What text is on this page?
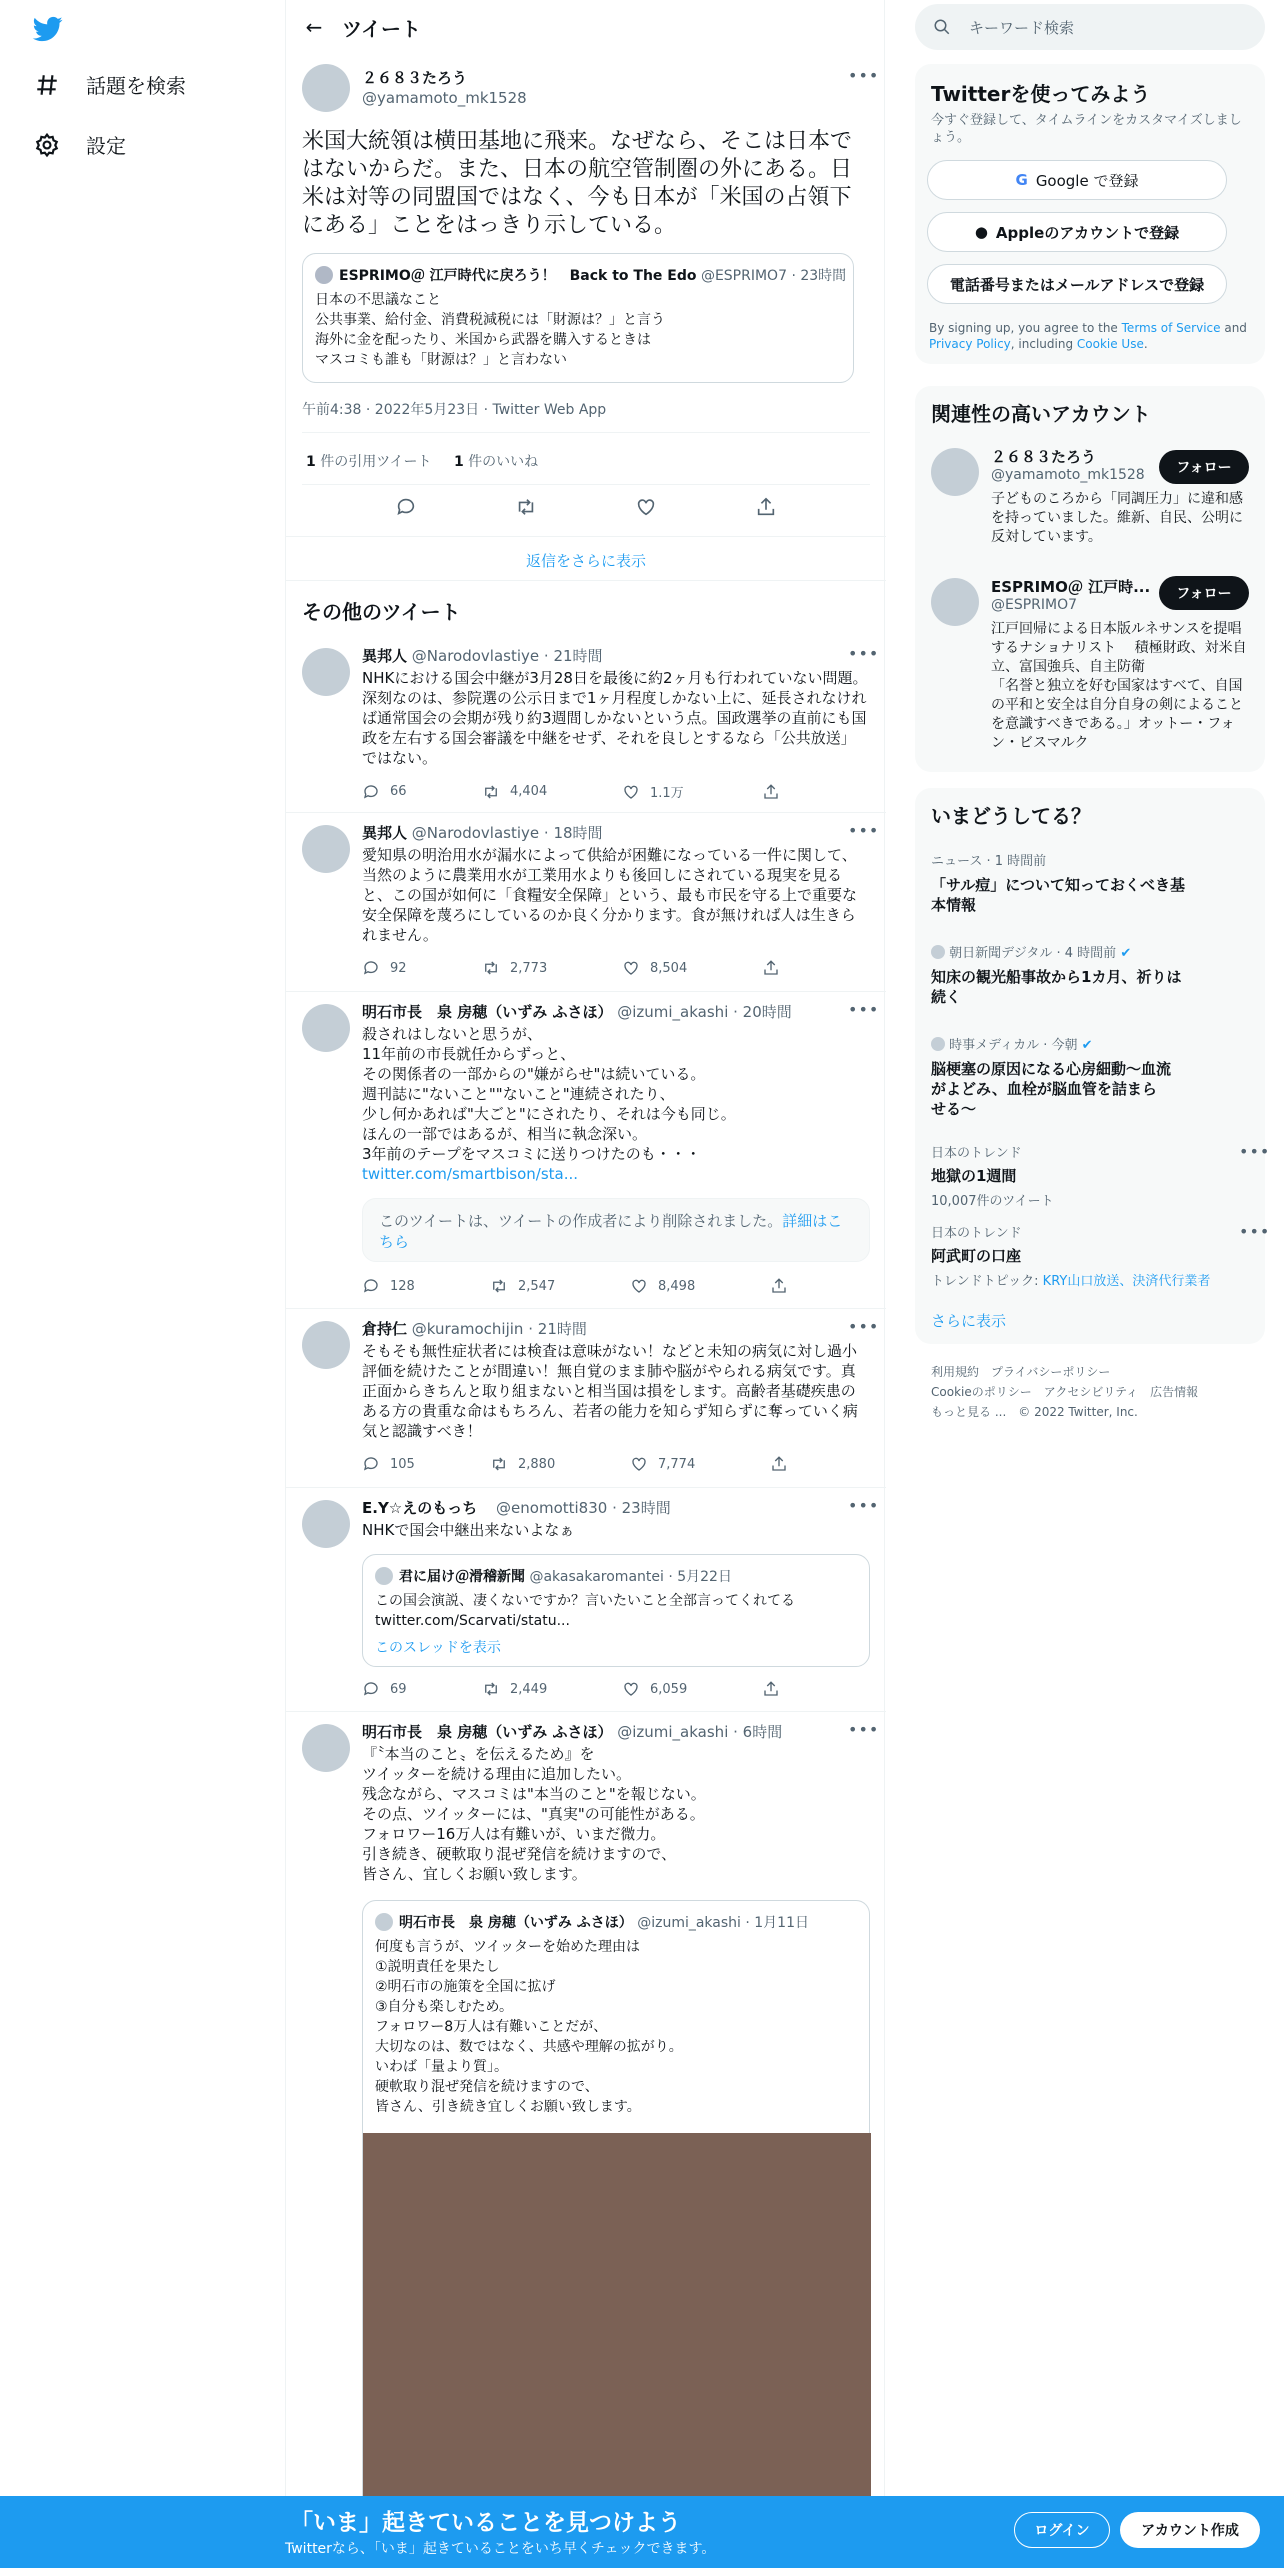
話題を検索
設定
← ツイート
２６８３たろう
@yamamoto_mk1528
•••
米国大統領は横田基地に飛来。なぜなら、そこは日本ではないからだ。また、日本の航空管制圏の外にある。日米は対等の同盟国ではなく、今も日本が「米国の占領下にある」ことをはっきり示している。
ESPRIMO＠ 江戸時代に戻ろう！　Back to The Edo @ESPRIMO7 · 23時間
日本の不思議なこと
公共事業、給付金、消費税減税には「財源は？」と言う
海外に金を配ったり、米国から武器を購入するときは
マスコミも誰も「財源は？」と言わない
午前4:38 · 2022年5月23日 · Twitter Web App
1 件の引用ツイート 1 件のいいね
返信をさらに表示
その他のツイート
異邦人 @Narodovlastiye · 21時間	•••
NHKにおける国会中継が3月28日を最後に約2ヶ月も行われていない問題。深刻なのは、参院選の公示日まで1ヶ月程度しかない上に、延長されなければ通常国会の会期が残り約3週間しかないという点。国政選挙の直前にも国政を左右する国会審議を中継をせず、それを良しとするなら「公共放送」ではない。
66	4,404	1.1万
異邦人 @Narodovlastiye · 18時間	•••
愛知県の明治用水が漏水によって供給が困難になっている一件に関して、当然のように農業用水が工業用水よりも後回しにされている現実を見ると、この国が如何に「食糧安全保障」という、最も市民を守る上で重要な安全保障を蔑ろにしているのか良く分かります。食が無ければ人は生きられません。
92	2,773	8,504
明石市長　泉 房穂（いずみ ふさほ） @izumi_akashi · 20時間	•••
殺されはしないと思うが、
11年前の市長就任からずっと、
その関係者の一部からの"嫌がらせ"は続いている。
週刊誌に"ないこと""ないこと"連続されたり、
少し何かあれば"大ごと"にされたり、それは今も同じ。
ほんの一部ではあるが、相当に執念深い。
3年前のテープをマスコミに送りつけたのも・・・
twitter.com/smartbison/sta...
このツイートは、ツイートの作成者により削除されました。詳細はこちら
128	2,547	8,498
倉持仁 @kuramochijin · 21時間	•••
そもそも無性症状者には検査は意味がない！などと未知の病気に対し過小評価を続けたことが間違い！無自覚のまま肺や脳がやられる病気です。真正面からきちんと取り組まないと相当国は損をします。高齢者基礎疾患のある方の貴重な命はもちろん、若者の能力を知らず知らずに奪っていく病気と認識すべき！
105	2,880	7,774
E.Y☆えのもっち @enomotti830 · 23時間	•••
NHKで国会中継出来ないよなぁ
君に届け＠滑稽新聞 @akasakaromantei · 5月22日
この国会演説、凄くないですか？言いたいこと全部言ってくれてる
twitter.com/Scarvati/statu...
このスレッドを表示
69	2,449	6,059
明石市長　泉 房穂（いずみ ふさほ） @izumi_akashi · 6時間	•••
『〝本当のこと〟を伝えるため』を
ツイッターを続ける理由に追加したい。
残念ながら、マスコミは"本当のこと"を報じない。
その点、ツイッターには、"真実"の可能性がある。
フォロワー16万人は有難いが、いまだ微力。
引き続き、硬軟取り混ぜ発信を続けますので、
皆さん、宜しくお願い致します。
明石市長　泉 房穂（いずみ ふさほ） @izumi_akashi · 1月11日
何度も言うが、ツイッターを始めた理由は
①説明責任を果たし
②明石市の施策を全国に拡げ
③自分も楽しむため。
フォロワー8万人は有難いことだが、
大切なのは、数ではなく、共感や理解の拡がり。
いわば「量より質」。
硬軟取り混ぜ発信を続けますので、
皆さん、引き続き宜しくお願い致します。
キーワード検索
Twitterを使ってみよう
今すぐ登録して、タイムラインをカスタマイズしましょう。
G Google で登録
● Appleのアカウントで登録
電話番号またはメールアドレスで登録
By signing up, you agree to the Terms of Service and Privacy Policy, including Cookie Use.
関連性の高いアカウント
２６８３たろう
@yamamoto_mk1528	フォロー
子どものころから「同調圧力」に違和感を持っていました。維新、自民、公明に反対しています。
ESPRIMO＠ 江戸時...
@ESPRIMO7
フォロー
江戸回帰による日本版ルネサンスを提唱するナショナリスト　 積極財政、対米自立、富国強兵、自主防衛
「名誉と独立を好む国家はすべて、自国の平和と安全は自分自身の剣によることを意識すべきである。」オットー・フォン・ビスマルク
いまどうしてる？
ニュース · 1 時間前
「サル痘」について知っておくべき基本情報
朝日新聞デジタル · 4 時間前 ✔
知床の観光船事故から1カ月、祈りは続く
時事メディカル · 今朝 ✔
脳梗塞の原因になる心房細動～血流がよどみ、血栓が脳血管を詰まらせる～
日本のトレンド
地獄の1週間
10,007件のツイート
•••
日本のトレンド
阿武町の口座
トレンドトピック: KRY山口放送、決済代行業者
•••
さらに表示
利用規約　プライバシーポリシー
Cookieのポリシー　アクセシビリティ　広告情報
もっと見る ...　© 2022 Twitter, Inc.
「いま」起きていることを見つけよう
Twitterなら、「いま」起きていることをいち早くチェックできます。
ログイン	アカウント作成
